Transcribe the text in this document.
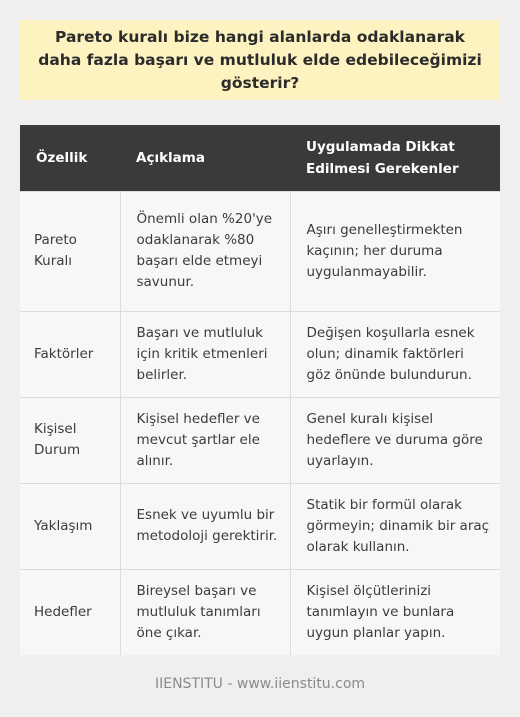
Pareto kuralı bize hangi alanlarda odaklanarak daha fazla başarı ve mutluluk elde edebileceğimizi gösterir?
Özellik	Açıklama	Uygulamada Dikkat Edilmesi Gerekenler
Pareto Kuralı	Önemli olan %20'ye odaklanarak %80 başarı elde etmeyi savunur.	Aşırı genelleştirmekten kaçının; her duruma uygulanmayabilir.
Faktörler	Başarı ve mutluluk için kritik etmenleri belirler.	Değişen koşullarla esnek olun; dinamik faktörleri göz önünde bulundurun.
Kişisel Durum	Kişisel hedefler ve mevcut şartlar ele alınır.	Genel kuralı kişisel hedeflere ve duruma göre uyarlayın.
Yaklaşım	Esnek ve uyumlu bir metodoloji gerektirir.	Statik bir formül olarak görmeyin; dinamik bir araç olarak kullanın.
Hedefler	Bireysel başarı ve mutluluk tanımları öne çıkar.	Kişisel ölçütlerinizi tanımlayın ve bunlara uygun planlar yapın.
IIENSTITU - www.iienstitu.com
